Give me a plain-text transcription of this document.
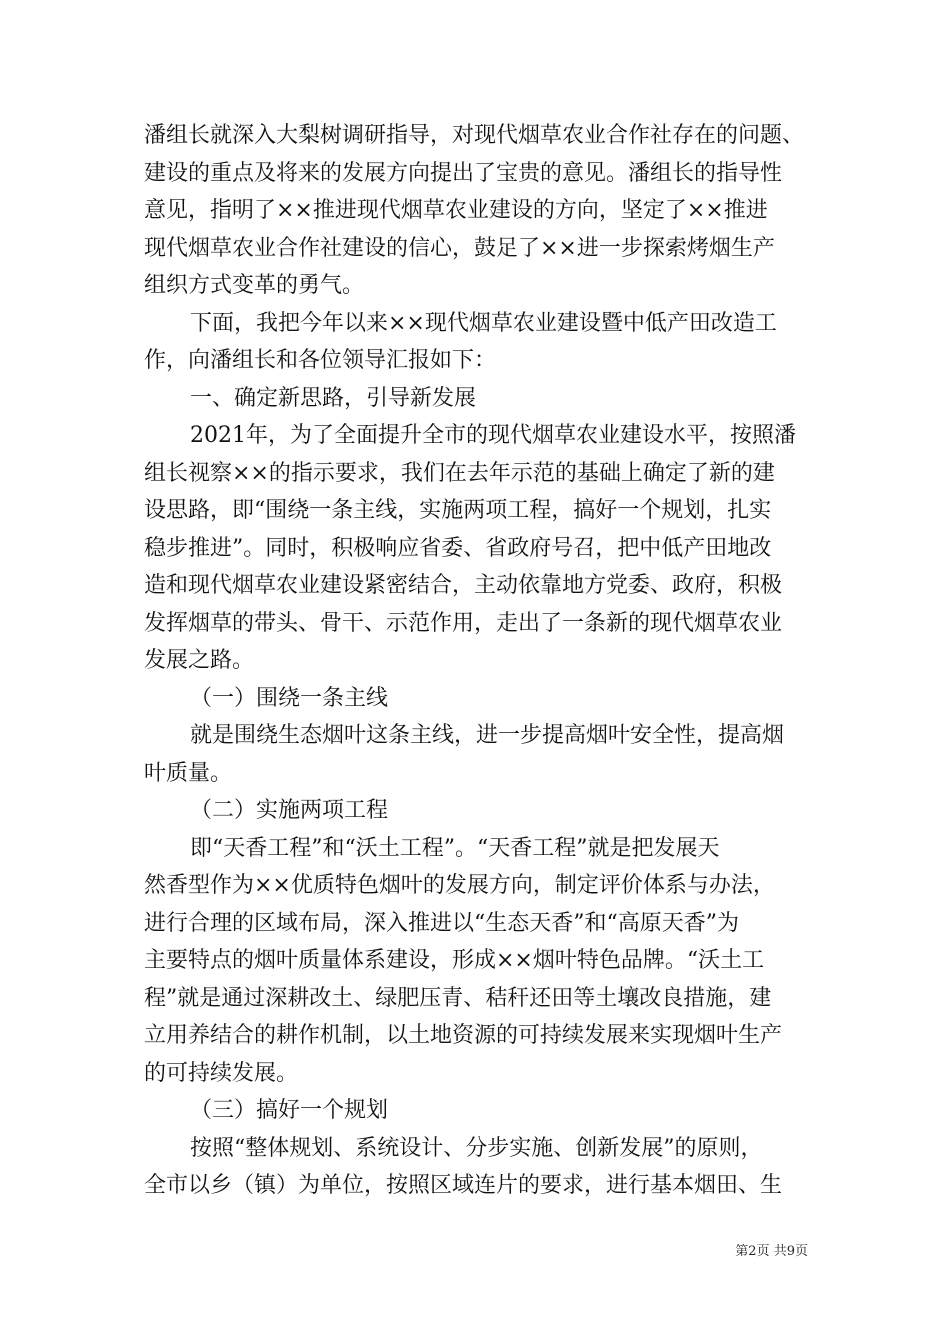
潘组长就深入大梨树调研指导，对现代烟草农业合作社存在的问题、
建设的重点及将来的发展方向提出了宝贵的意见。潘组长的指导性
意见，指明了××推进现代烟草农业建设的方向，坚定了××推进
现代烟草农业合作社建设的信心，鼓足了××进一步探索烤烟生产
组织方式变革的勇气。
下面，我把今年以来××现代烟草农业建设暨中低产田改造工
作，向潘组长和各位领导汇报如下：
一、确定新思路，引导新发展
2021年，为了全面提升全市的现代烟草农业建设水平，按照潘
组长视察××的指示要求，我们在去年示范的基础上确定了新的建
设思路，即“围绕一条主线，实施两项工程，搞好一个规划，扎实
稳步推进”。同时，积极响应省委、省政府号召，把中低产田地改
造和现代烟草农业建设紧密结合，主动依靠地方党委、政府，积极
发挥烟草的带头、骨干、示范作用，走出了一条新的现代烟草农业
发展之路。
（一）围绕一条主线
就是围绕生态烟叶这条主线，进一步提高烟叶安全性，提高烟
叶质量。
（二）实施两项工程
即“天香工程”和“沃土工程”。“天香工程”就是把发展天
然香型作为××优质特色烟叶的发展方向，制定评价体系与办法，
进行合理的区域布局，深入推进以“生态天香”和“高原天香”为
主要特点的烟叶质量体系建设，形成××烟叶特色品牌。“沃土工
程”就是通过深耕改土、绿肥压青、秸秆还田等土壤改良措施，建
立用养结合的耕作机制，以土地资源的可持续发展来实现烟叶生产
的可持续发展。
（三）搞好一个规划
按照“整体规划、系统设计、分步实施、创新发展”的原则，
全市以乡（镇）为单位，按照区域连片的要求，进行基本烟田、生
第2页 共9页
